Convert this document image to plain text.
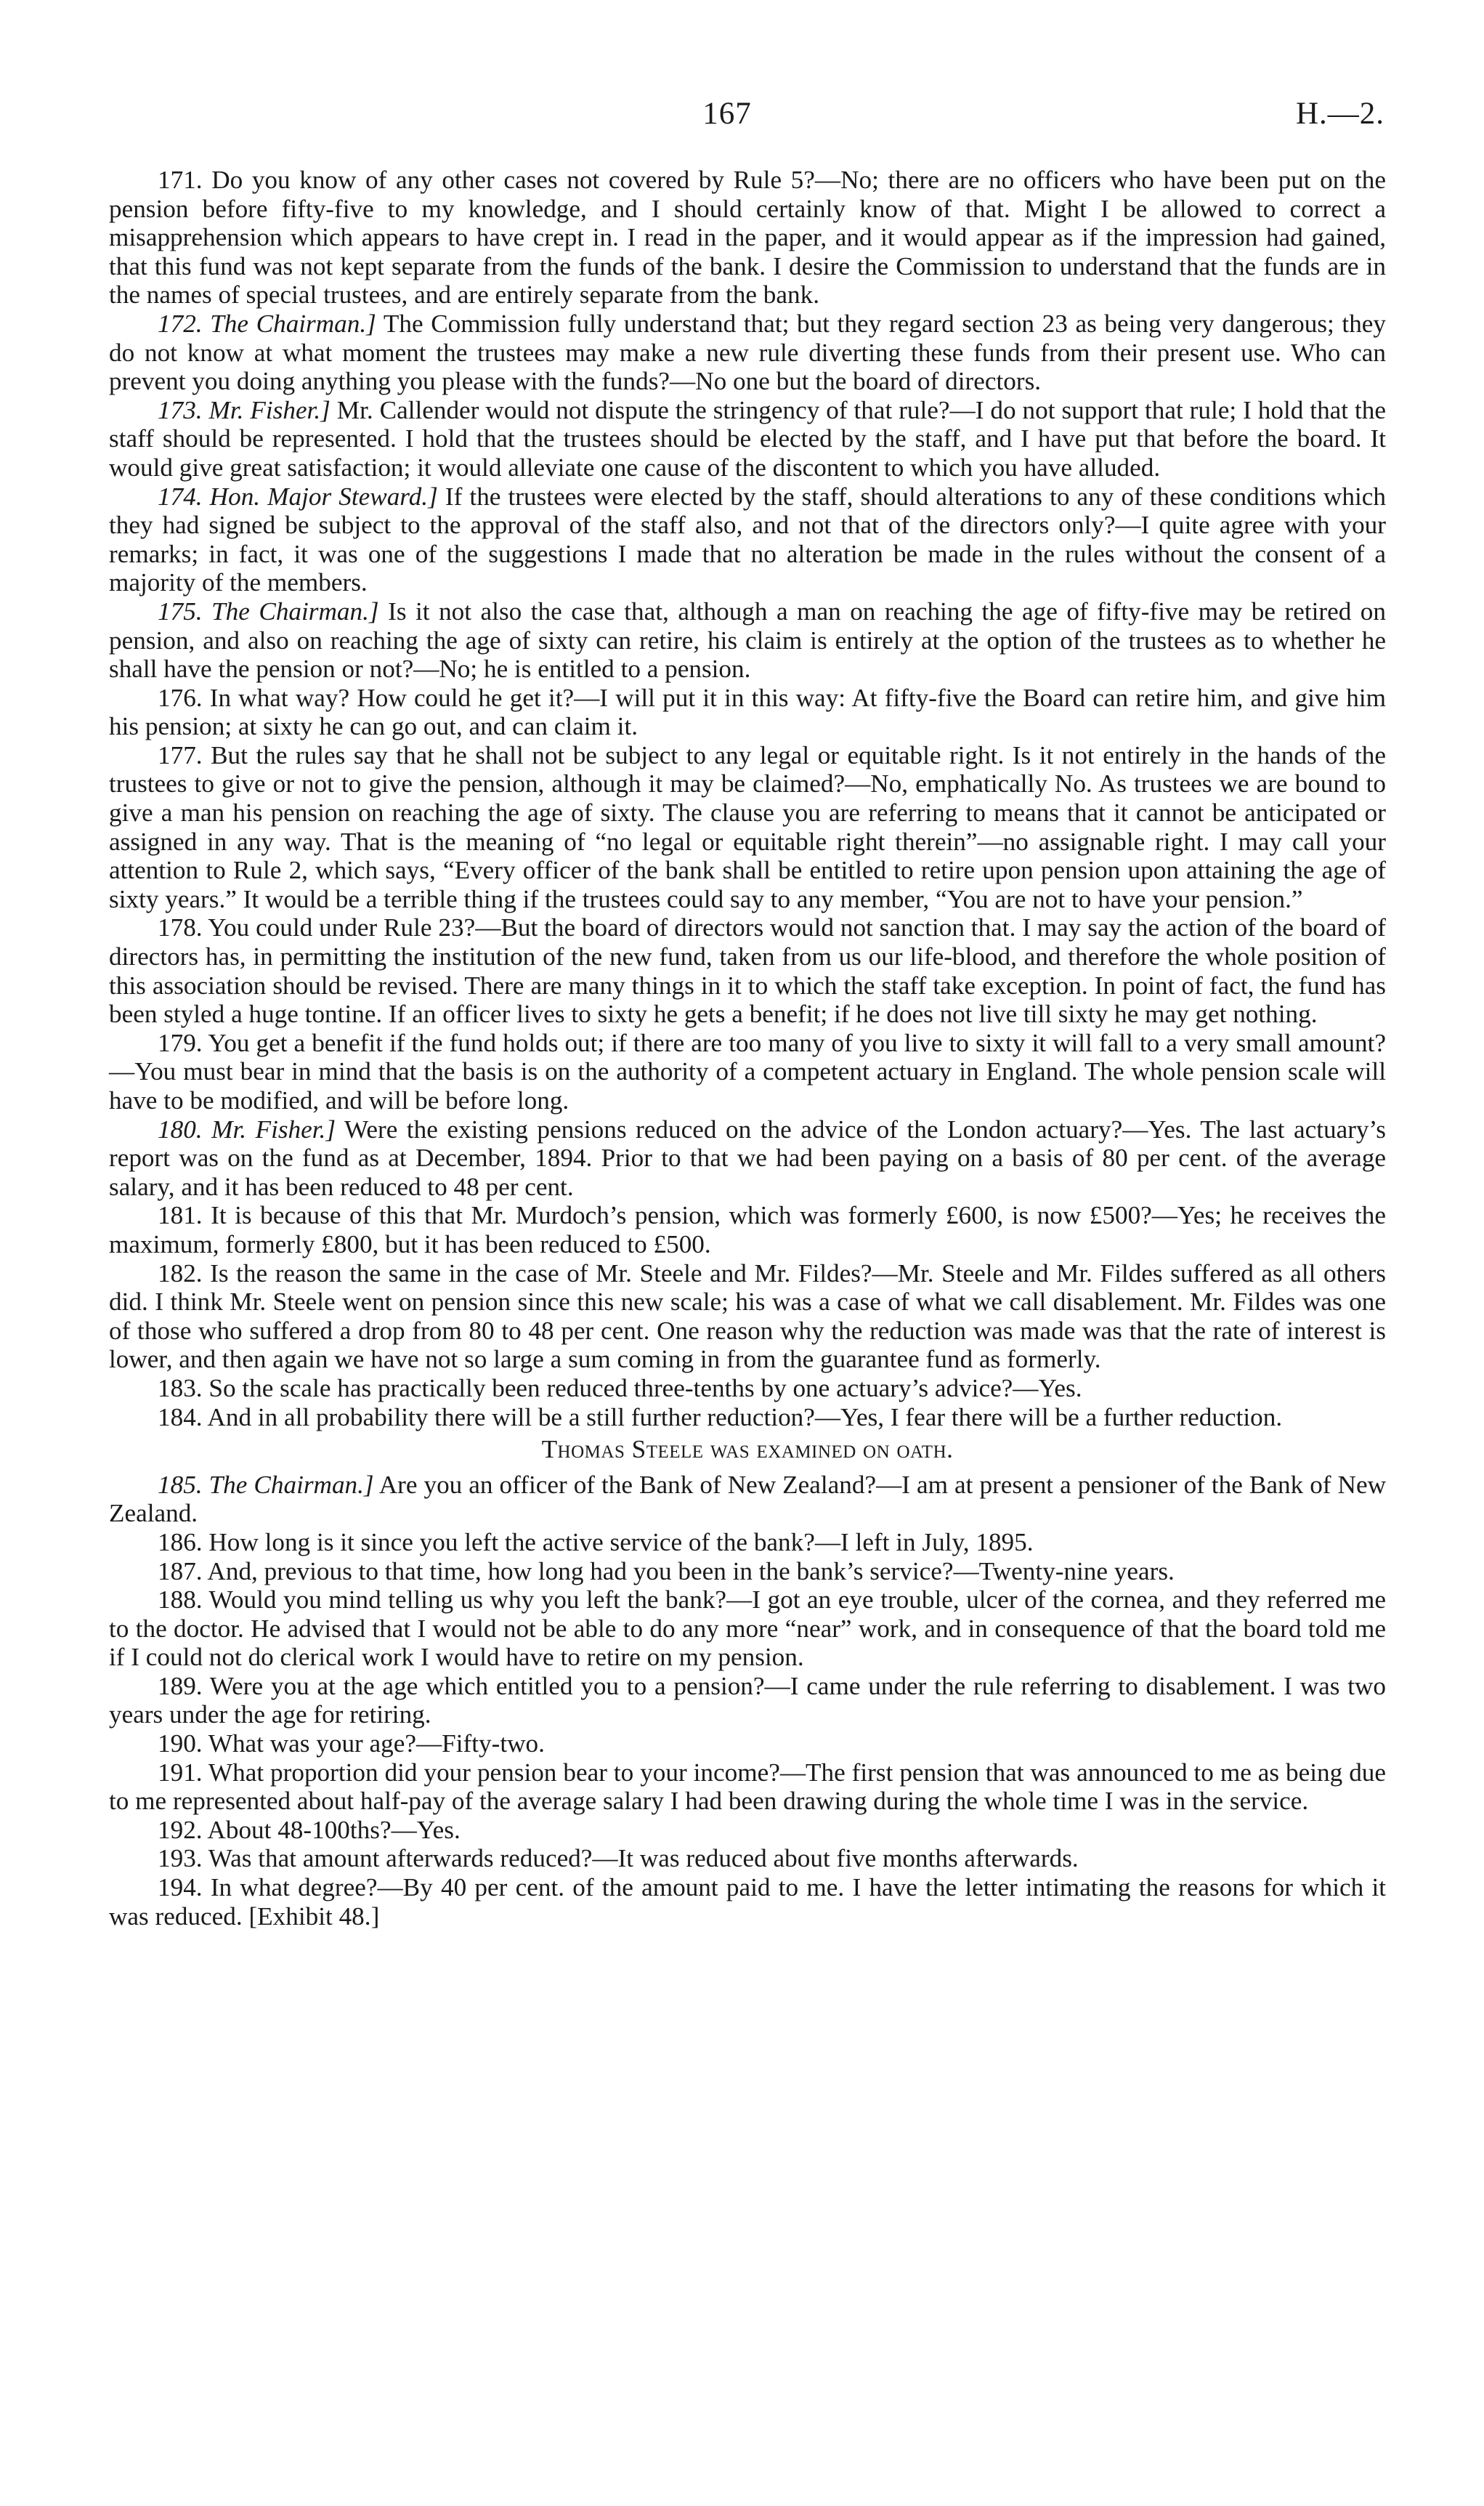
167	H.—2.

171. Do you know of any other cases not covered by Rule 5?—No; there are no officers who have been put on the pension before fifty-five to my knowledge, and I should certainly know of that. Might I be allowed to correct a misapprehension which appears to have crept in. I read in the paper, and it would appear as if the impression had gained, that this fund was not kept separate from the funds of the bank. I desire the Commission to understand that the funds are in the names of special trustees, and are entirely separate from the bank.

172. The Chairman.] The Commission fully understand that; but they regard section 23 as being very dangerous; they do not know at what moment the trustees may make a new rule diverting these funds from their present use. Who can prevent you doing anything you please with the funds?—No one but the board of directors.

173. Mr. Fisher.] Mr. Callender would not dispute the stringency of that rule?—I do not support that rule; I hold that the staff should be represented. I hold that the trustees should be elected by the staff, and I have put that before the board. It would give great satisfaction; it would alleviate one cause of the discontent to which you have alluded.

174. Hon. Major Steward.] If the trustees were elected by the staff, should alterations to any of these conditions which they had signed be subject to the approval of the staff also, and not that of the directors only?—I quite agree with your remarks; in fact, it was one of the suggestions I made that no alteration be made in the rules without the consent of a majority of the members.

175. The Chairman.] Is it not also the case that, although a man on reaching the age of fifty-five may be retired on pension, and also on reaching the age of sixty can retire, his claim is entirely at the option of the trustees as to whether he shall have the pension or not?—No; he is entitled to a pension.

176. In what way? How could he get it?—I will put it in this way: At fifty-five the Board can retire him, and give him his pension; at sixty he can go out, and can claim it.

177. But the rules say that he shall not be subject to any legal or equitable right. Is it not entirely in the hands of the trustees to give or not to give the pension, although it may be claimed?—No, emphatically No. As trustees we are bound to give a man his pension on reaching the age of sixty. The clause you are referring to means that it cannot be anticipated or assigned in any way. That is the meaning of “no legal or equitable right therein”—no assignable right. I may call your attention to Rule 2, which says, “Every officer of the bank shall be entitled to retire upon pension upon attaining the age of sixty years.” It would be a terrible thing if the trustees could say to any member, “You are not to have your pension.”

178. You could under Rule 23?—But the board of directors would not sanction that. I may say the action of the board of directors has, in permitting the institution of the new fund, taken from us our life-blood, and therefore the whole position of this association should be revised. There are many things in it to which the staff take exception. In point of fact, the fund has been styled a huge tontine. If an officer lives to sixty he gets a benefit; if he does not live till sixty he may get nothing.

179. You get a benefit if the fund holds out; if there are too many of you live to sixty it will fall to a very small amount?—You must bear in mind that the basis is on the authority of a competent actuary in England. The whole pension scale will have to be modified, and will be before long.

180. Mr. Fisher.] Were the existing pensions reduced on the advice of the London actuary?—Yes. The last actuary’s report was on the fund as at December, 1894. Prior to that we had been paying on a basis of 80 per cent. of the average salary, and it has been reduced to 48 per cent.

181. It is because of this that Mr. Murdoch’s pension, which was formerly £600, is now £500?—Yes; he receives the maximum, formerly £800, but it has been reduced to £500.

182. Is the reason the same in the case of Mr. Steele and Mr. Fildes?—Mr. Steele and Mr. Fildes suffered as all others did. I think Mr. Steele went on pension since this new scale; his was a case of what we call disablement. Mr. Fildes was one of those who suffered a drop from 80 to 48 per cent. One reason why the reduction was made was that the rate of interest is lower, and then again we have not so large a sum coming in from the guarantee fund as formerly.

183. So the scale has practically been reduced three-tenths by one actuary’s advice?—Yes.

184. And in all probability there will be a still further reduction?—Yes, I fear there will be a further reduction.

Thomas Steele was examined on oath.

185. The Chairman.] Are you an officer of the Bank of New Zealand?—I am at present a pensioner of the Bank of New Zealand.

186. How long is it since you left the active service of the bank?—I left in July, 1895.

187. And, previous to that time, how long had you been in the bank’s service?—Twenty-nine years.

188. Would you mind telling us why you left the bank?—I got an eye trouble, ulcer of the cornea, and they referred me to the doctor. He advised that I would not be able to do any more “near” work, and in consequence of that the board told me if I could not do clerical work I would have to retire on my pension.

189. Were you at the age which entitled you to a pension?—I came under the rule referring to disablement. I was two years under the age for retiring.

190. What was your age?—Fifty-two.

191. What proportion did your pension bear to your income?—The first pension that was announced to me as being due to me represented about half-pay of the average salary I had been drawing during the whole time I was in the service.

192. About 48-100ths?—Yes.

193. Was that amount afterwards reduced?—It was reduced about five months afterwards.

194. In what degree?—By 40 per cent. of the amount paid to me. I have the letter intimating the reasons for which it was reduced. [Exhibit 48.]
